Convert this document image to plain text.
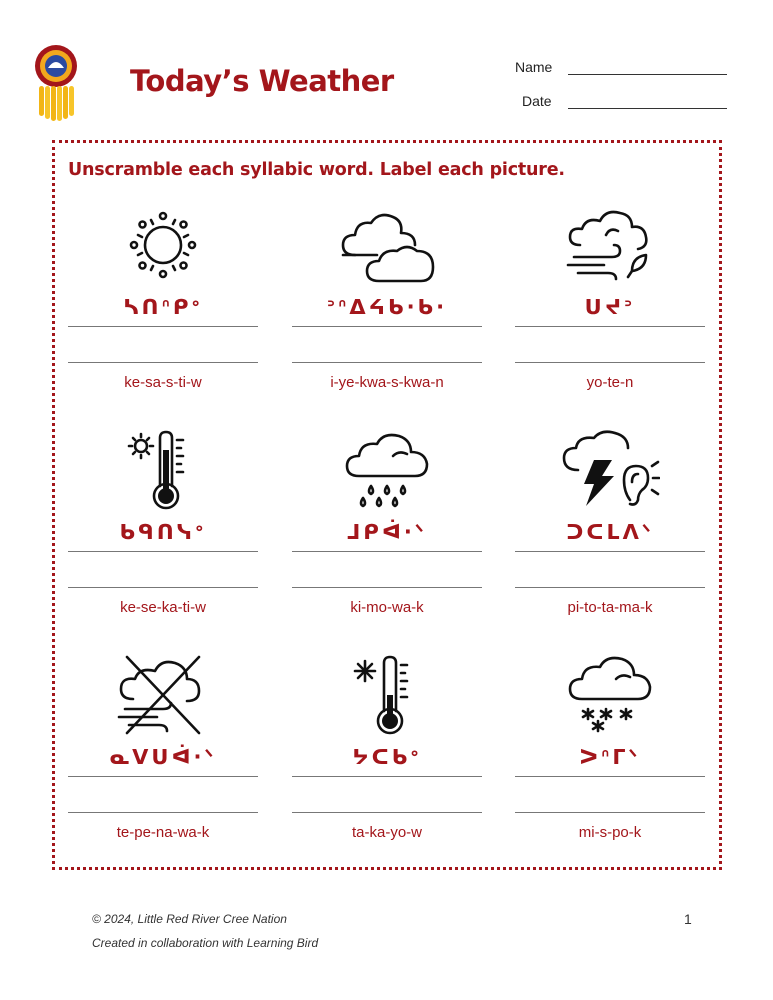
Today’s Weather	Name
Date
Unscramble each syllabic word. Label each picture.
ᓴᑎᐢᑭᐤ
ke-sa-s-ti-w
ᐣᐢᐃᔦᑲ·ᑲ·
i-ye-kwa-s-kwa-n
ᑌᔪᐣ
yo-te-n
ᑲᑫᑎᓭᐤ
ke-se-ka-ti-w
ᒧᑭᐋ·ᐠ
ki-mo-wa-k
ᑐᑕᒪᐱᐠ
pi-to-ta-ma-k
ᓇᐯᑌᐋ·ᐠ
te-pe-na-wa-k
ᔭᑕᑲᐤ
ta-ka-yo-w
ᐳᐢᒥᐠ
mi-s-po-k
© 2024, Little Red River Cree Nation
Created in collaboration with Learning Bird
1
